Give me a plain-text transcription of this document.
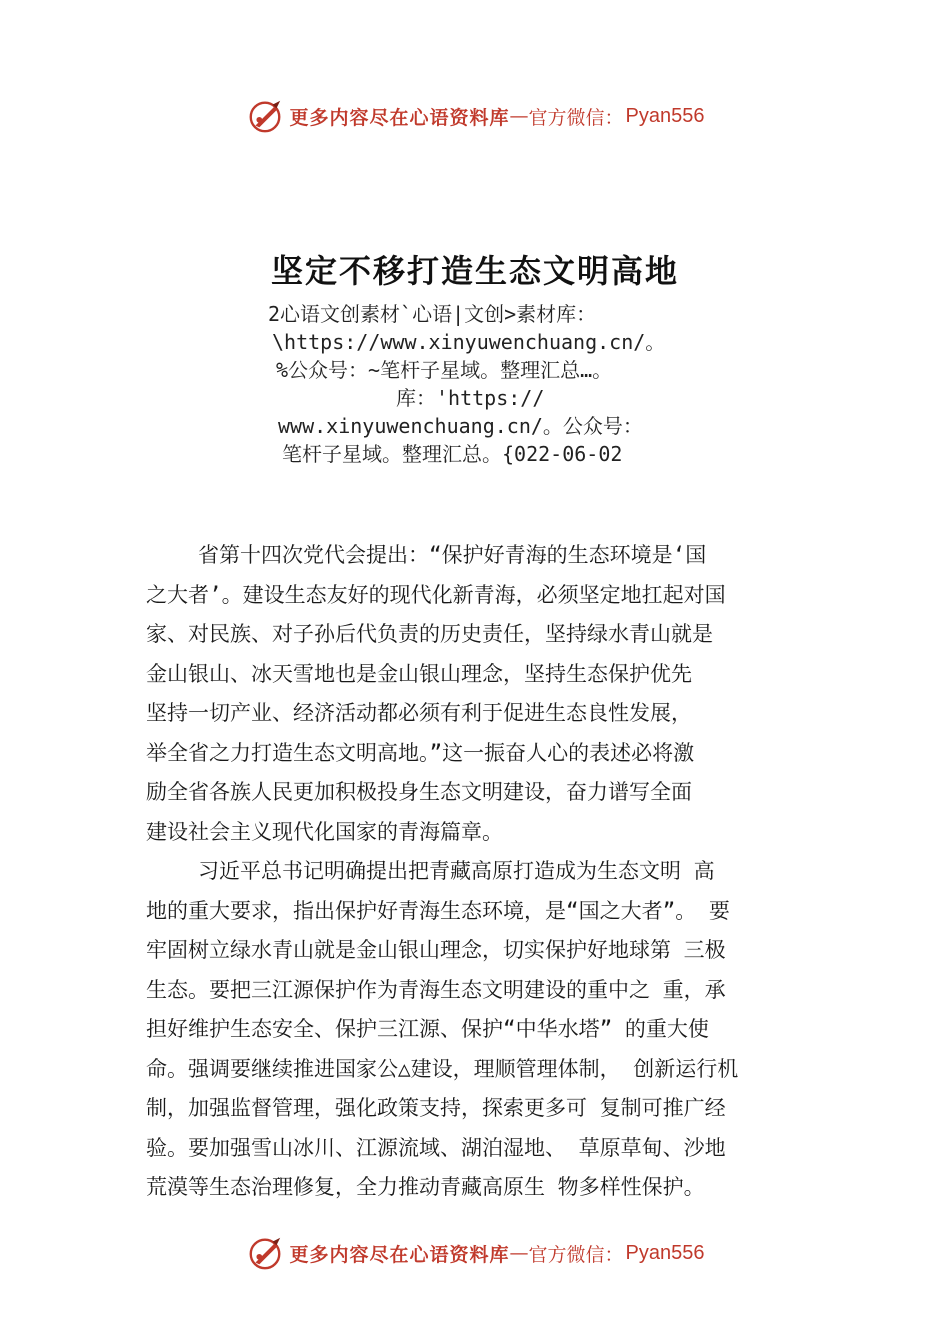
更多内容尽在心语资料库 — 官方微信： Pyan556
坚定不移打造生态文明高地
2心语文创素材`心语|文创>素材库：
\https://www.xinyuwenchuang.cn/。
%公众号：~笔杆子星域。整理汇总…。
库：'https://
www.xinyuwenchuang.cn/。公众号：
笔杆子星域。整理汇总。{022-06-02
省第十四次党代会提出：“保护好青海的生态环境是‘国
之大者’。建设生态友好的现代化新青海，必须坚定地扛起对国
家、对民族、对子孙后代负责的历史责任，坚持绿水青山就是
金山银山、冰天雪地也是金山银山理念，坚持生态保护优先
坚持一切产业、经济活动都必须有利于促进生态良性发展，
举全省之力打造生态文明高地。”这一振奋人心的表述必将激
励全省各族人民更加积极投身生态文明建设，奋力谱写全面
建设社会主义现代化国家的青海篇章。
习近平总书记明确提出把青藏高原打造成为生态文明 高
地的重大要求，指出保护好青海生态环境，是“国之大者”。 要
牢固树立绿水青山就是金山银山理念，切实保护好地球第 三极
生态。要把三江源保护作为青海生态文明建设的重中之 重，承
担好维护生态安全、保护三江源、保护“中华水塔” 的重大使
命。强调要继续推进国家公△建设，理顺管理体制， 创新运行机
制，加强监督管理，强化政策支持，探索更多可 复制可推广经
验。要加强雪山冰川、江源流域、湖泊湿地、 草原草甸、沙地
荒漠等生态治理修复，全力推动青藏高原生 物多样性保护。
更多内容尽在心语资料库 — 官方微信： Pyan556
